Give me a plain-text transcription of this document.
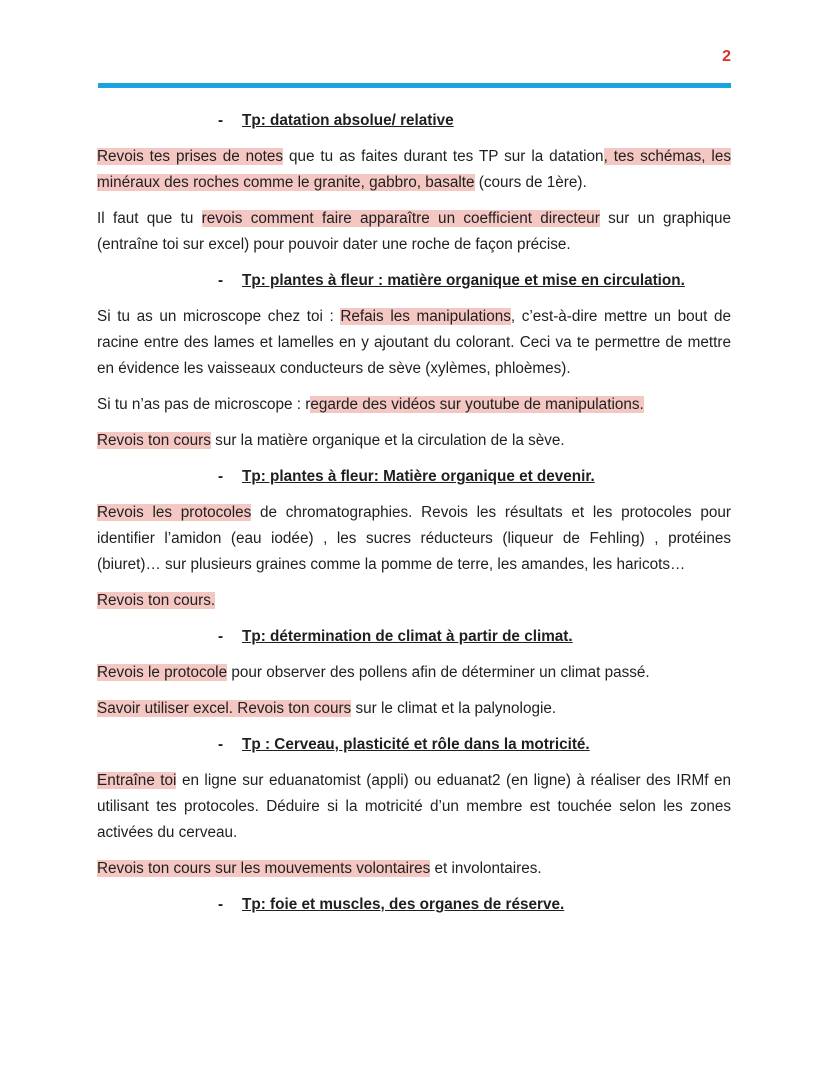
2
-	Tp: datation absolue/ relative

Revois tes prises de notes que tu as faites durant tes TP sur la datation, tes schémas, les minéraux des roches comme le granite, gabbro, basalte (cours de 1ère).

Il faut que tu revois comment faire apparaître un coefficient directeur sur un graphique (entraîne toi sur excel) pour pouvoir dater une roche de façon précise.

-	Tp: plantes à fleur : matière organique et mise en circulation.

Si tu as un microscope chez toi : Refais les manipulations, c’est-à-dire mettre un bout de racine entre des lames et lamelles en y ajoutant du colorant. Ceci va te permettre de mettre en évidence les vaisseaux conducteurs de sève (xylèmes, phloèmes).

Si tu n’as pas de microscope : regarde des vidéos sur youtube de manipulations.

Revois ton cours sur la matière organique et la circulation de la sève.

-	Tp: plantes à fleur: Matière organique et devenir.

Revois les protocoles de chromatographies. Revois les résultats et les protocoles pour identifier l’amidon (eau iodée) , les sucres réducteurs (liqueur de Fehling) , protéines (biuret)… sur plusieurs graines comme la pomme de terre, les amandes, les haricots…

Revois ton cours.

-	Tp: détermination de climat à partir de climat.

Revois le protocole pour observer des pollens afin de déterminer un climat passé.

Savoir utiliser excel. Revois ton cours sur le climat et la palynologie.

-	Tp : Cerveau, plasticité et rôle dans la motricité.

Entraîne toi en ligne sur eduanatomist (appli) ou eduanat2 (en ligne) à réaliser des IRMf en utilisant tes protocoles. Déduire si la motricité d’un membre est touchée selon les zones activées du cerveau.

Revois ton cours sur les mouvements volontaires et involontaires.

-	Tp: foie et muscles, des organes de réserve.
